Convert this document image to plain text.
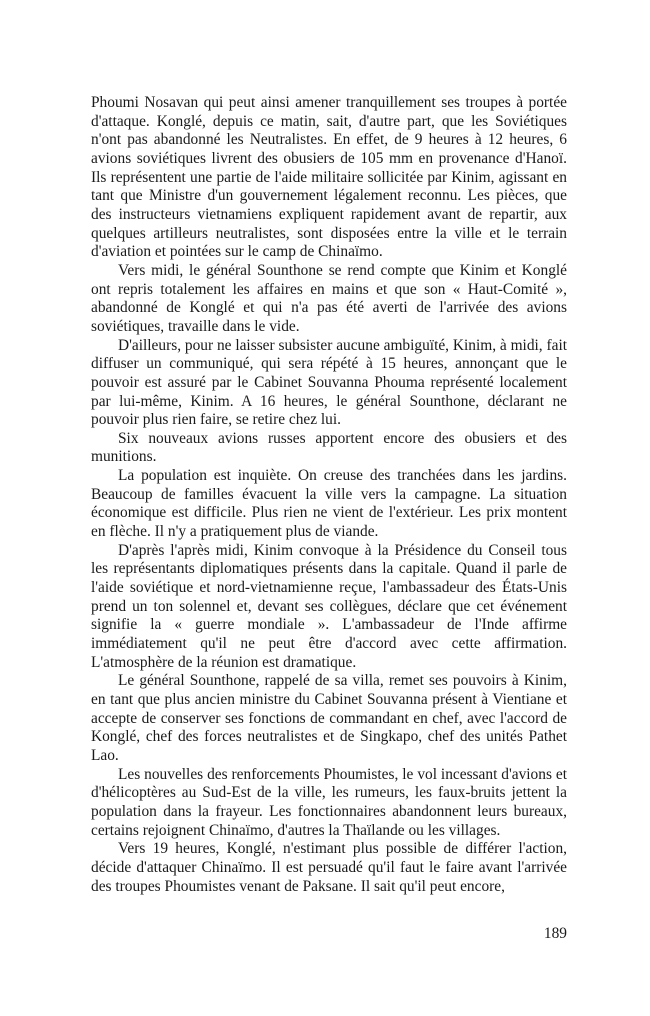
Phoumi Nosavan qui peut ainsi amener tranquillement ses troupes à portée d'attaque. Konglé, depuis ce matin, sait, d'autre part, que les Soviétiques n'ont pas abandonné les Neutralistes. En effet, de 9 heures à 12 heures, 6 avions soviétiques livrent des obusiers de 105 mm en provenance d'Hanoï. Ils représentent une partie de l'aide militaire sollicitée par Kinim, agissant en tant que Ministre d'un gouvernement légalement reconnu. Les pièces, que des instructeurs vietnamiens expliquent rapidement avant de repartir, aux quelques artilleurs neutralistes, sont disposées entre la ville et le terrain d'aviation et pointées sur le camp de Chinaïmo.

Vers midi, le général Sounthone se rend compte que Kinim et Konglé ont repris totalement les affaires en mains et que son « Haut-Comité », abandonné de Konglé et qui n'a pas été averti de l'arrivée des avions soviétiques, travaille dans le vide.

D'ailleurs, pour ne laisser subsister aucune ambiguïté, Kinim, à midi, fait diffuser un communiqué, qui sera répété à 15 heures, annonçant que le pouvoir est assuré par le Cabinet Souvanna Phouma représenté localement par lui-même, Kinim. A 16 heures, le général Sounthone, déclarant ne pouvoir plus rien faire, se retire chez lui.

Six nouveaux avions russes apportent encore des obusiers et des munitions.

La population est inquiète. On creuse des tranchées dans les jardins. Beaucoup de familles évacuent la ville vers la campagne. La situation économique est difficile. Plus rien ne vient de l'extérieur. Les prix montent en flèche. Il n'y a pratiquement plus de viande.

D'après l'après midi, Kinim convoque à la Présidence du Conseil tous les représentants diplomatiques présents dans la capitale. Quand il parle de l'aide soviétique et nord-vietnamienne reçue, l'ambassadeur des États-Unis prend un ton solennel et, devant ses collègues, déclare que cet événement signifie la « guerre mondiale ». L'ambassadeur de l'Inde affirme immédiatement qu'il ne peut être d'accord avec cette affirmation. L'atmosphère de la réunion est dramatique.

Le général Sounthone, rappelé de sa villa, remet ses pouvoirs à Kinim, en tant que plus ancien ministre du Cabinet Souvanna présent à Vientiane et accepte de conserver ses fonctions de commandant en chef, avec l'accord de Konglé, chef des forces neutralistes et de Singkapo, chef des unités Pathet Lao.

Les nouvelles des renforcements Phoumistes, le vol incessant d'avions et d'hélicoptères au Sud-Est de la ville, les rumeurs, les faux-bruits jettent la population dans la frayeur. Les fonctionnaires abandonnent leurs bureaux, certains rejoignent Chinaïmo, d'autres la Thaïlande ou les villages.

Vers 19 heures, Konglé, n'estimant plus possible de différer l'action, décide d'attaquer Chinaïmo. Il est persuadé qu'il faut le faire avant l'arrivée des troupes Phoumistes venant de Paksane. Il sait qu'il peut encore,

189
